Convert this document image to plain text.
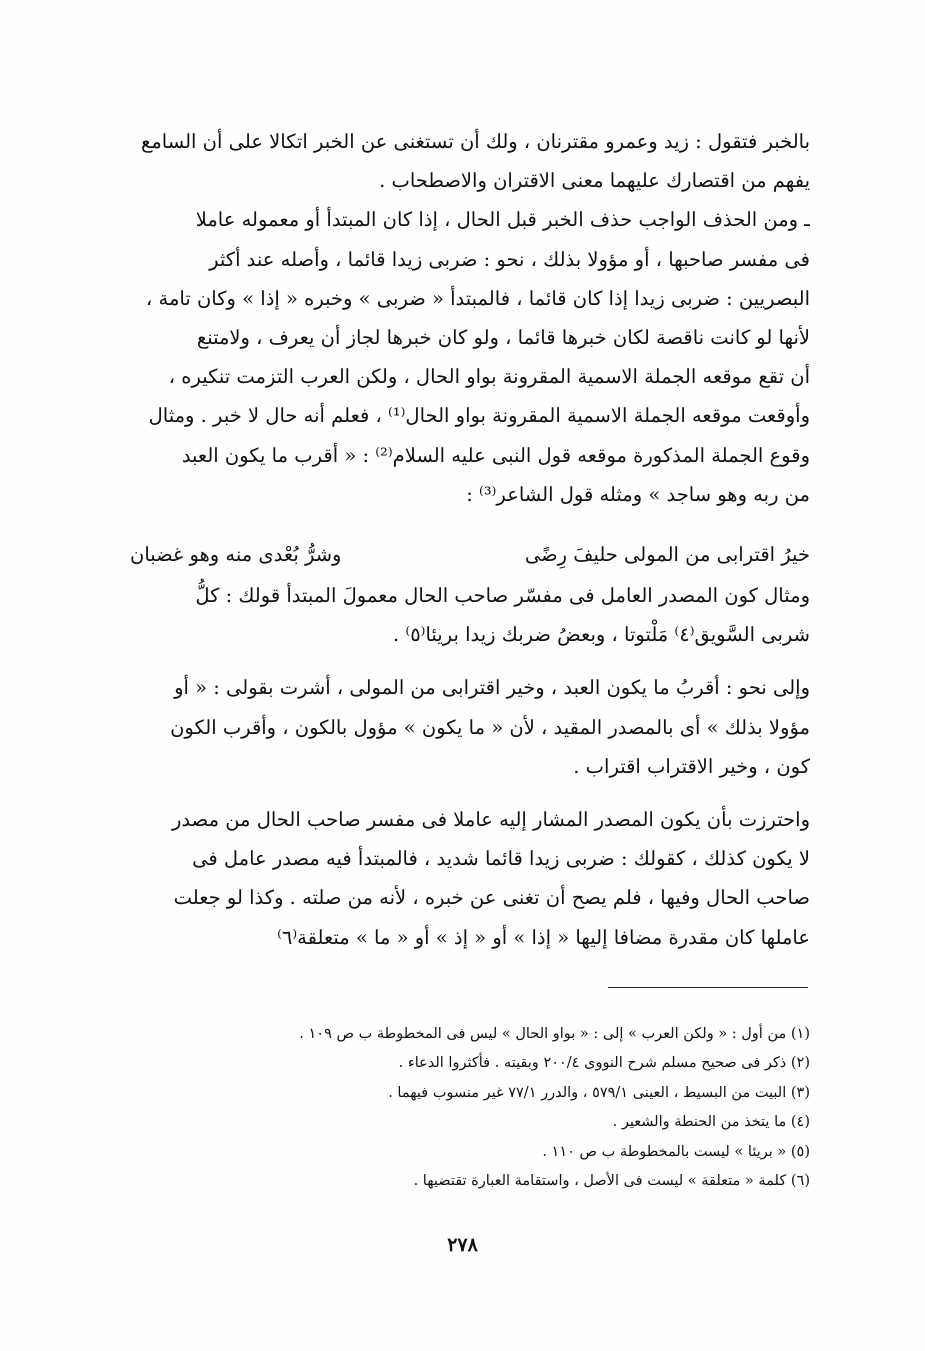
بالخبر فتقول : زيد وعمرو مقترنان ، ولك أن تستغنى عن الخبر اتكالا على أن السامع
يفهم من اقتصارك عليهما معنى الاقتران والاصطحاب .
ـ ومن الحذف الواجب حذف الخبر قبل الحال ، إذا كان المبتدأ أو معموله عاملا
فى مفسر صاحبها ، أو مؤولا بذلك ، نحو : ضربى زيدا قائما ، وأصله عند أكثر
البصريين : ضربى زيدا إذا كان قائما ، فالمبتدأ « ضربى » وخبره « إذا » وكان تامة ،
لأنها لو كانت ناقصة لكان خبرها قائما ، ولو كان خبرها لجاز أن يعرف ، ولامتنع
أن تقع موقعه الجملة الاسمية المقرونة بواو الحال ، ولكن العرب التزمت تنكيره ،
وأوقعت موقعه الجملة الاسمية المقرونة بواو الحال⁽¹⁾ ، فعلم أنه حال لا خبر . ومثال
وقوع الجملة المذكورة موقعه قول النبى عليه السلام⁽²⁾ : « أقرب ما يكون العبد
من ربه وهو ساجد » ومثله قول الشاعر⁽³⁾ :
خيرُ اقترابى من المولى حليفَ رِضًى
وشرُّ بُعْدى منه وهو غضبان
ومثال كون المصدر العامل فى مفسّر صاحب الحال معمولَ المبتدأ قولك : كلُّ
شربى السَّويق⁽٤⁾ مَلْتوتا ، وبعضُ ضربك زيدا بريئا⁽٥⁾ .
وإلى نحو : أقربُ ما يكون العبد ، وخير اقترابى من المولى ، أشرت بقولى : « أو
مؤولا بذلك » أى بالمصدر المقيد ، لأن « ما يكون » مؤول بالكون ، وأقرب الكون
كون ، وخير الاقتراب اقتراب .
واحترزت بأن يكون المصدر المشار إليه عاملا فى مفسر صاحب الحال من مصدر
لا يكون كذلك ، كقولك : ضربى زيدا قائما شديد ، فالمبتدأ فيه مصدر عامل فى
صاحب الحال وفيها ، فلم يصح أن تغنى عن خبره ، لأنه من صلته . وكذا لو جعلت
عاملها كان مقدرة مضافا إليها « إذا » أو « إذ » أو « ما » متعلقة⁽٦⁾
(١) من أول : « ولكن العرب » إلى : « بواو الحال » ليس فى المخطوطة ب ص ١٠٩ .
(٢) ذكر فى صحيح مسلم شرح النووى ٢٠٠/٤ وبقيته . فأكثروا الدعاء .
(٣) البيت من البسيط ، العينى ٥٧٩/١ ، والدرر ٧٧/١ غير منسوب فيهما .
(٤) ما يتخذ من الحنطة والشعير .
(٥) « بريئا » ليست بالمخطوطة ب ص ١١٠ .
(٦) كلمة « متعلقة » ليست فى الأصل ، واستقامة العبارة تقتضيها .
٢٧٨
